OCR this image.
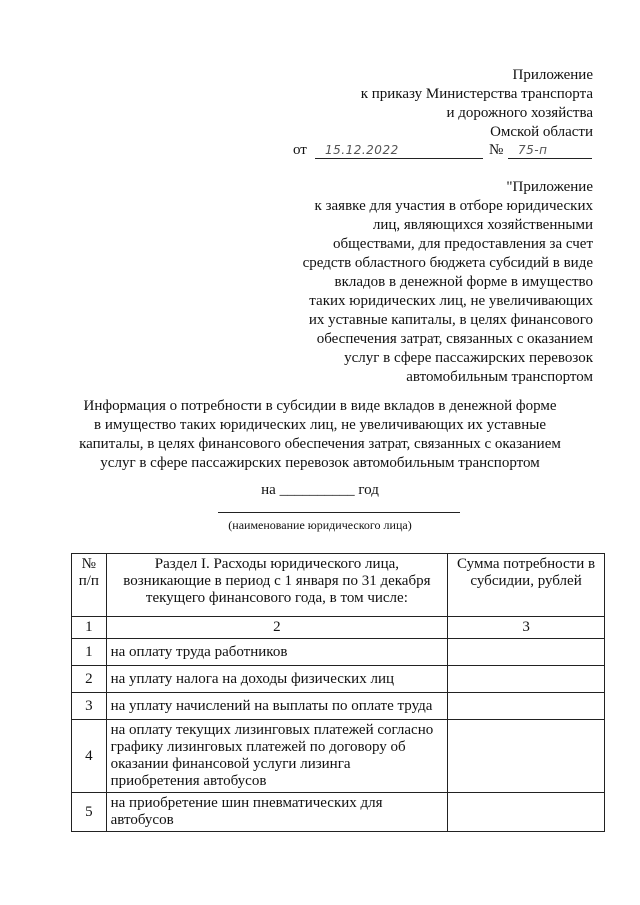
Приложение
к приказу Министерства транспорта
и дорожного хозяйства
Омской области
от 15.12.2022	№ 75-п
"Приложение
к заявке для участия в отборе юридических
лиц, являющихся хозяйственными
обществами, для предоставления за счет
средств областного бюджета субсидий в виде
вкладов в денежной форме в имущество
таких юридических лиц, не увеличивающих
их уставные капиталы, в целях финансового
обеспечения затрат, связанных с оказанием
услуг в сфере пассажирских перевозок
автомобильным транспортом
Информация о потребности в субсидии в виде вкладов в денежной форме
в имущество таких юридических лиц, не увеличивающих их уставные
капиталы, в целях финансового обеспечения затрат, связанных с оказанием
услуг в сфере пассажирских перевозок автомобильным транспортом
на __________ год
(наименование юридического лица)
№ п/п	Раздел I. Расходы юридического лица, возникающие в период с 1 января по 31 декабря текущего финансового года, в том числе:	Сумма потребности в субсидии, рублей
1	2	3
1	на оплату труда работников	
2	на уплату налога на доходы физических лиц	
3	на уплату начислений на выплаты по оплате труда	
4	на оплату текущих лизинговых платежей согласно графику лизинговых платежей по договору об оказании финансовой услуги лизинга приобретения автобусов	
5	на приобретение шин пневматических для автобусов	
